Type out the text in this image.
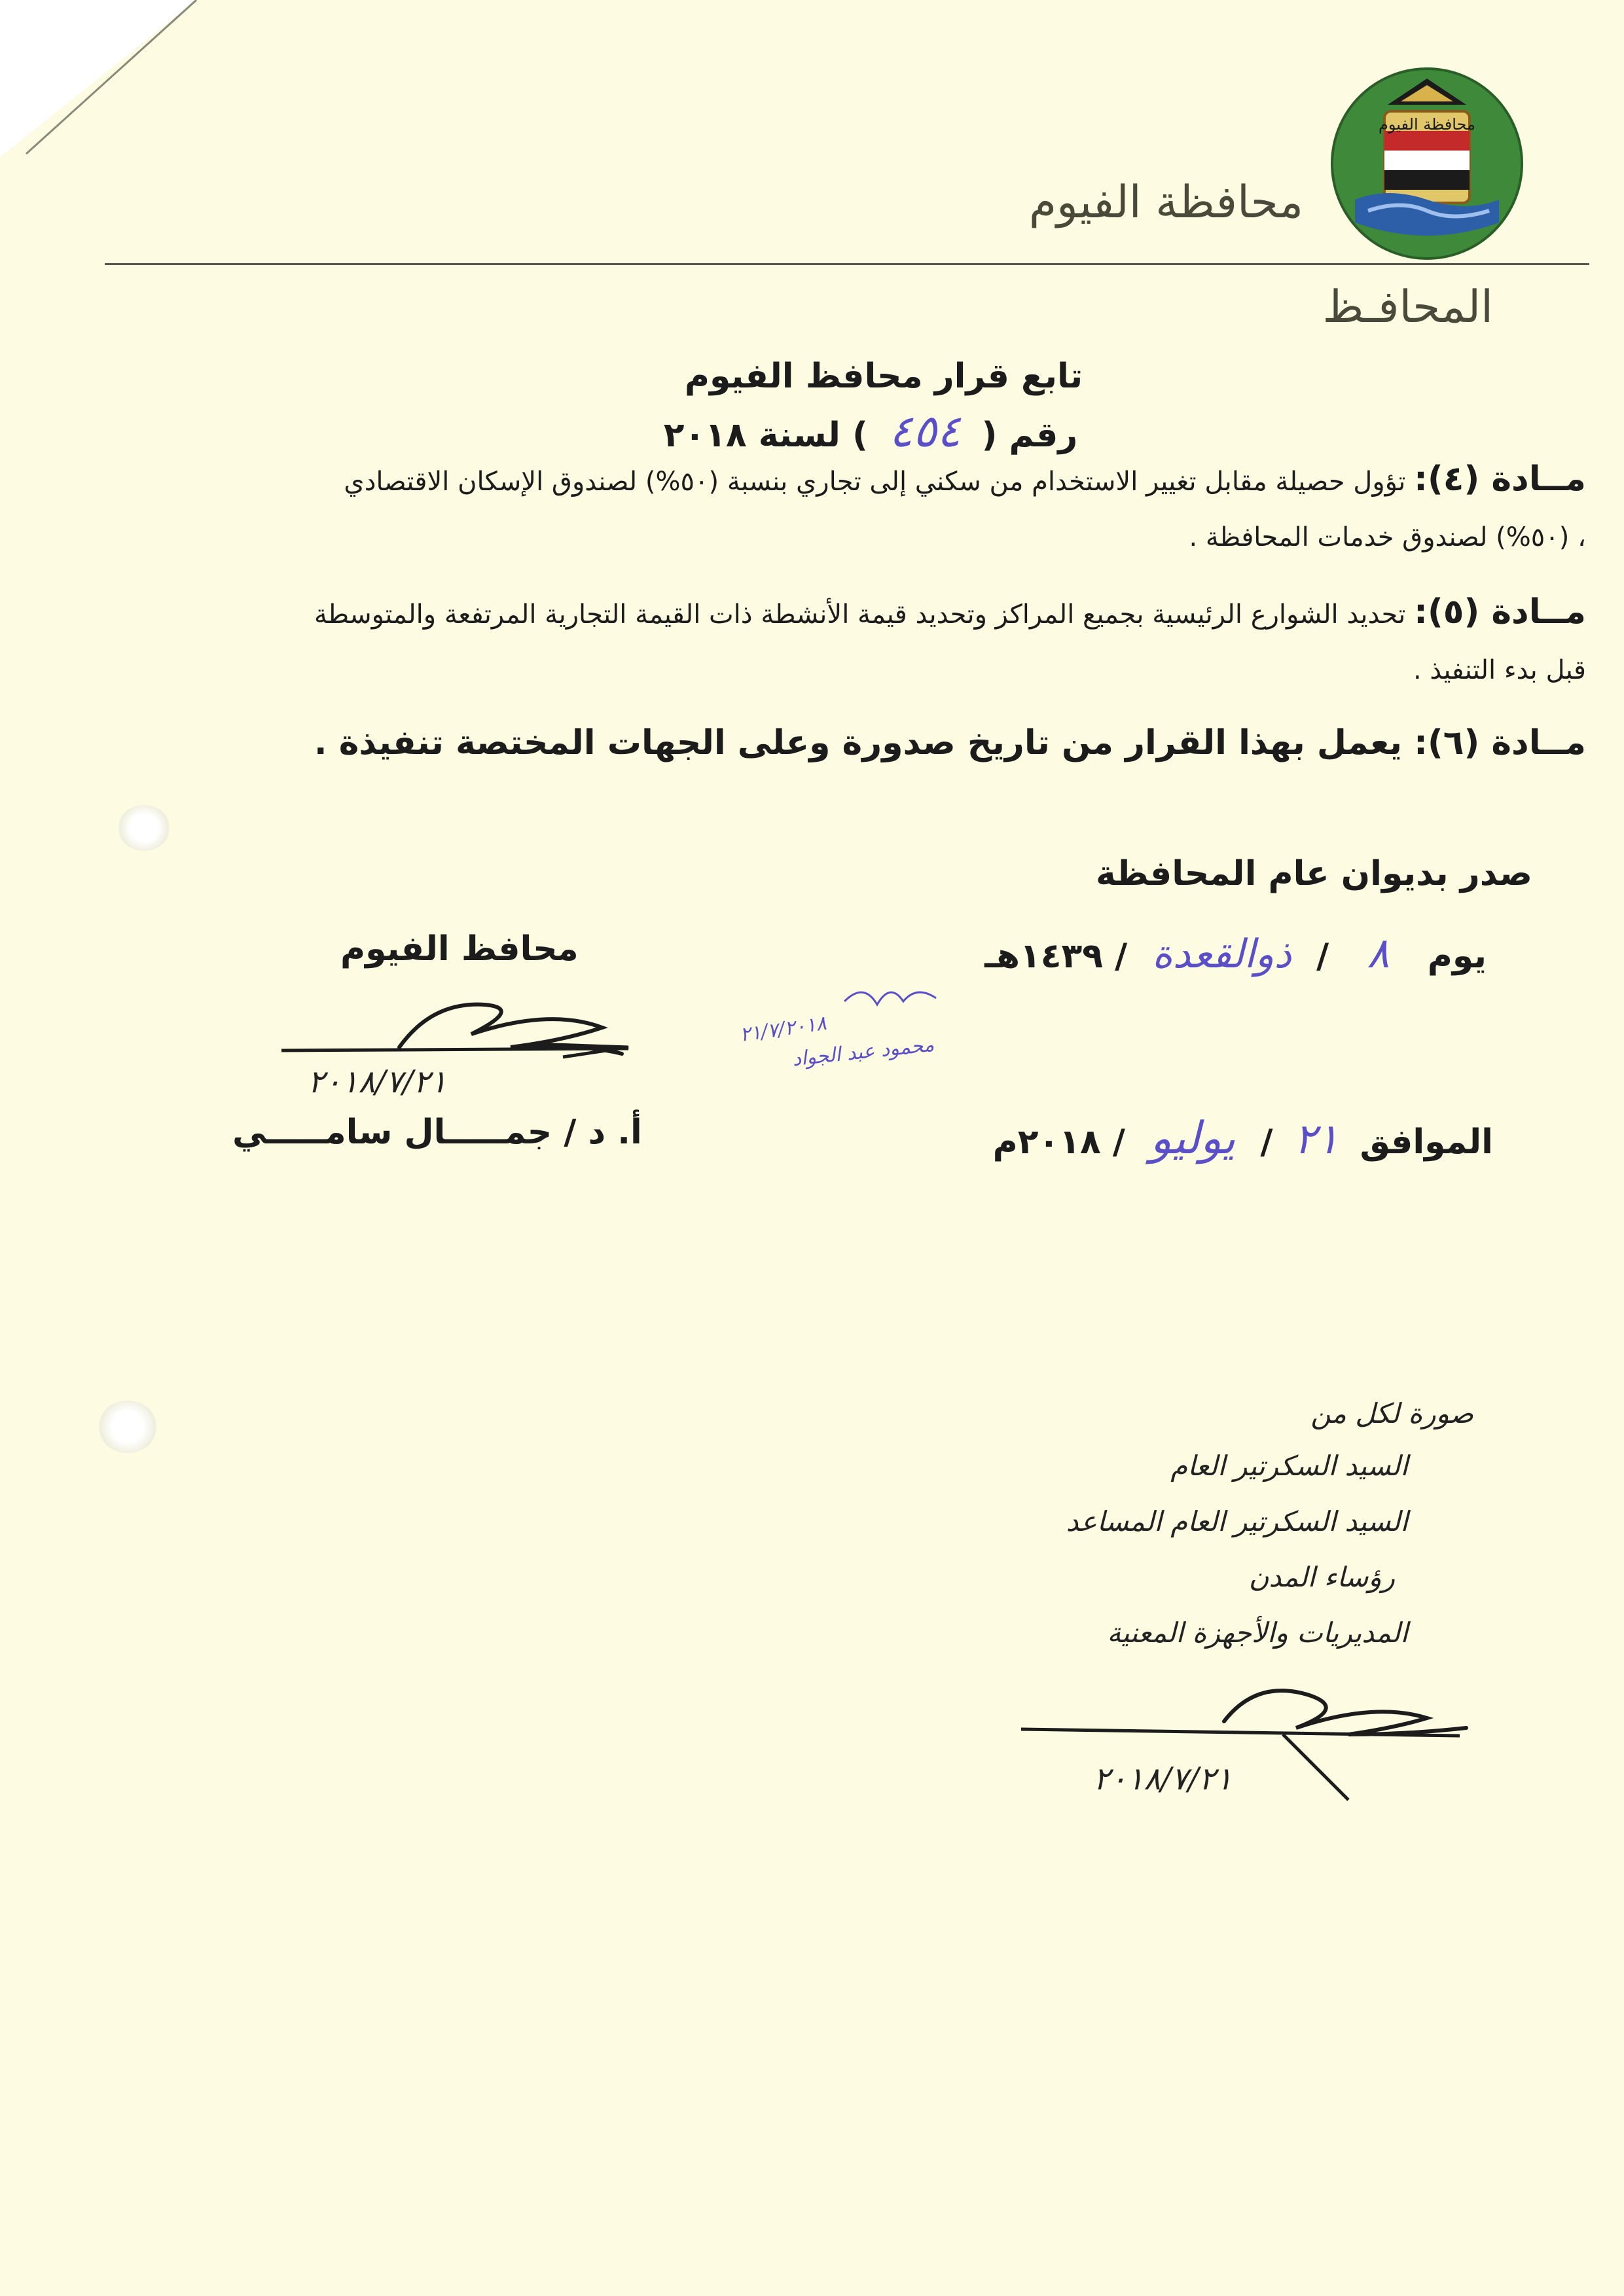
محافظة الفيوم
محافظة الفيوم
المحافـظ
تابع قرار محافظ الفيوم
رقم ( ٤٥٤ ) لسنة ٢٠١٨
مــادة (٤): تؤول حصيلة مقابل تغيير الاستخدام من سكني إلى تجاري بنسبة (٥٠%) لصندوق الإسكان الاقتصادي
، (٥٠%) لصندوق خدمات المحافظة .
مــادة (٥): تحديد الشوارع الرئيسية بجميع المراكز وتحديد قيمة الأنشطة ذات القيمة التجارية المرتفعة والمتوسطة
قبل بدء التنفيذ .
مــادة (٦): يعمل بهذا القرار من تاريخ صدورة وعلى الجهات المختصة تنفيذة .
صدر بديوان عام المحافظة
يوم ٨ / ذوالقعدة / ١٤٣٩هـ
الموافق ٢١ / يوليو / ٢٠١٨م
محافظ الفيوم
٢٠١٨/٧/٢١
أ. د / جمـــــال سامـــــي
٢١/٧/٢٠١٨
محمود عبد الجواد
صورة لكل من
السيد السكرتير العام
السيد السكرتير العام المساعد
رؤساء المدن
المديريات والأجهزة المعنية
٢٠١٨/٧/٢١
